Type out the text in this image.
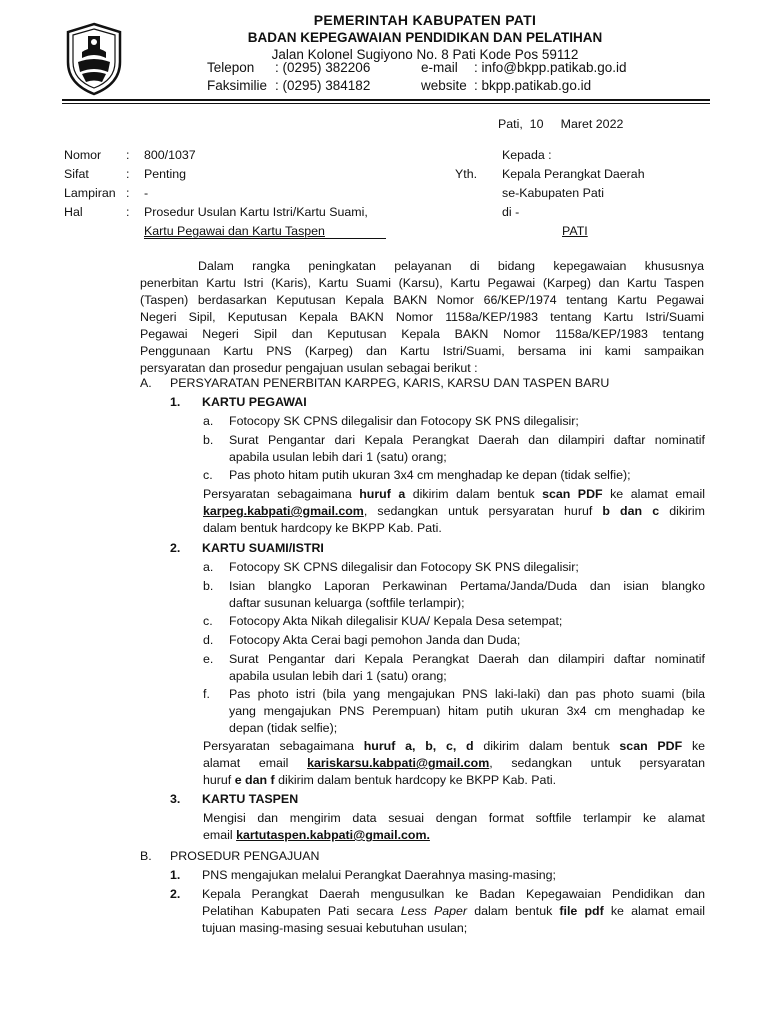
PEMERINTAH KABUPATEN PATI
BADAN KEPEGAWAIAN PENDIDIKAN DAN PELATIHAN
Jalan Kolonel Sugiyono No. 8 Pati Kode Pos 59112
Telepon : (0295) 382206	e-mail : info@bkpp.patikab.go.id
Faksimilie : (0295) 384182	website : bkpp.patikab.go.id
Pati,  10     Maret 2022
Nomor : 800/1037
Sifat	: Penting
Lampiran : -
Hal	: Prosedur Usulan Kartu Istri/Kartu Suami,
Kartu Pegawai dan Kartu Taspen
Yth.
Kepada :
Kepala Perangkat Daerah
se-Kabupaten Pati
di -
PATI
Dalam rangka peningkatan pelayanan di bidang kepegawaian khususnya
penerbitan Kartu Istri (Karis), Kartu Suami (Karsu), Kartu Pegawai (Karpeg) dan Kartu Taspen
(Taspen) berdasarkan Keputusan Kepala BAKN Nomor 66/KEP/1974 tentang Kartu Pegawai
Negeri Sipil, Keputusan Kepala BAKN Nomor 1158a/KEP/1983 tentang Kartu Istri/Suami
Pegawai Negeri Sipil dan Keputusan Kepala BAKN Nomor 1158a/KEP/1983 tentang
Penggunaan Kartu PNS (Karpeg) dan Kartu Istri/Suami, bersama ini kami sampaikan
persyaratan dan prosedur pengajuan usulan sebagai berikut :
A. PERSYARATAN PENERBITAN KARPEG, KARIS, KARSU DAN TASPEN BARU
1. KARTU PEGAWAI
a. Fotocopy SK CPNS dilegalisir dan Fotocopy SK PNS dilegalisir;
b. Surat Pengantar dari Kepala Perangkat Daerah dan dilampiri daftar nominatif
apabila usulan lebih dari 1 (satu) orang;
c. Pas photo hitam putih ukuran 3x4 cm menghadap ke depan (tidak selfie);
Persyaratan sebagaimana huruf a dikirim dalam bentuk scan PDF ke alamat email
karpeg.kabpati@gmail.com, sedangkan untuk persyaratan huruf b dan c dikirim
dalam bentuk hardcopy ke BKPP Kab. Pati.
2. KARTU SUAMI/ISTRI
a. Fotocopy SK CPNS dilegalisir dan Fotocopy SK PNS dilegalisir;
b. Isian blangko Laporan Perkawinan Pertama/Janda/Duda dan isian blangko
daftar susunan keluarga (softfile terlampir);
c. Fotocopy Akta Nikah dilegalisir KUA/ Kepala Desa setempat;
d. Fotocopy Akta Cerai bagi pemohon Janda dan Duda;
e. Surat Pengantar dari Kepala Perangkat Daerah dan dilampiri daftar nominatif
apabila usulan lebih dari 1 (satu) orang;
f. Pas photo istri (bila yang mengajukan PNS laki-laki) dan pas photo suami (bila
yang mengajukan PNS Perempuan) hitam putih ukuran 3x4 cm menghadap ke
depan (tidak selfie);
Persyaratan sebagaimana huruf a, b, c, d dikirim dalam bentuk scan PDF ke
alamat email kariskarsu.kabpati@gmail.com, sedangkan untuk persyaratan
huruf e dan f dikirim dalam bentuk hardcopy ke BKPP Kab. Pati.
3. KARTU TASPEN
Mengisi dan mengirim data sesuai dengan format softfile terlampir ke alamat
email kartutaspen.kabpati@gmail.com.
B. PROSEDUR PENGAJUAN
1. PNS mengajukan melalui Perangkat Daerahnya masing-masing;
2. Kepala Perangkat Daerah mengusulkan ke Badan Kepegawaian Pendidikan dan
Pelatihan Kabupaten Pati secara Less Paper dalam bentuk file pdf ke alamat email
tujuan masing-masing sesuai kebutuhan usulan;
